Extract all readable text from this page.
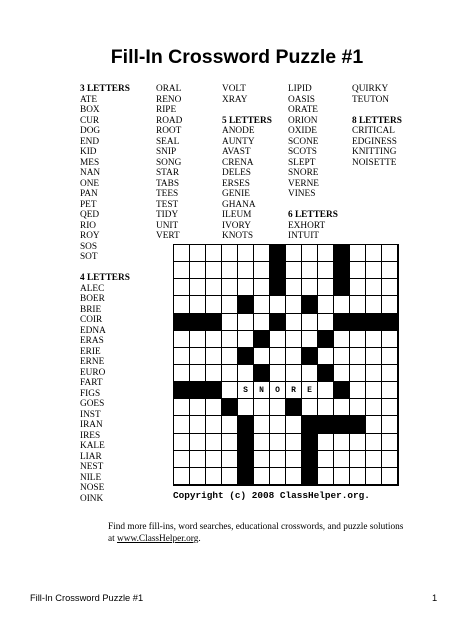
Fill-In Crossword Puzzle #1
3 LETTERS
ATE
BOX
CUR
DOG
END
KID
MES
NAN
ONE
PAN
PET
QED
RIO
ROY
SOS
SOT
4 LETTERS
ALEC
BOER
BRIE
COIR
EDNA
ERAS
ERIE
ERNE
EURO
FART
FIGS
GOES
INST
IRAN
IRES
KALE
LIAR
NEST
NILE
NOSE
OINK
ORAL
RENO
RIPE
ROAD
ROOT
SEAL
SNIP
SONG
STAR
TABS
TEES
TEST
TIDY
UNIT
VERT
VOLT
XRAY
5 LETTERS
ANODE
AUNTY
AVAST
CRENA
DELES
ERSES
GENIE
GHANA
ILEUM
IVORY
KNOTS
LIPID
OASIS
ORATE
ORION
OXIDE
SCONE
SCOTS
SLEPT
SNORE
VERNE
VINES
6 LETTERS
EXHORT
INTUIT
QUIRKY
TEUTON
8 LETTERS
CRITICAL
EDGINESS
KNITTING
NOISETTE
S	N	O	R	E
Copyright (c) 2008 ClassHelper.org.
Find more fill-ins, word searches, educational crosswords, and puzzle solutions at www.ClassHelper.org.
Fill-In Crossword Puzzle #1	1
